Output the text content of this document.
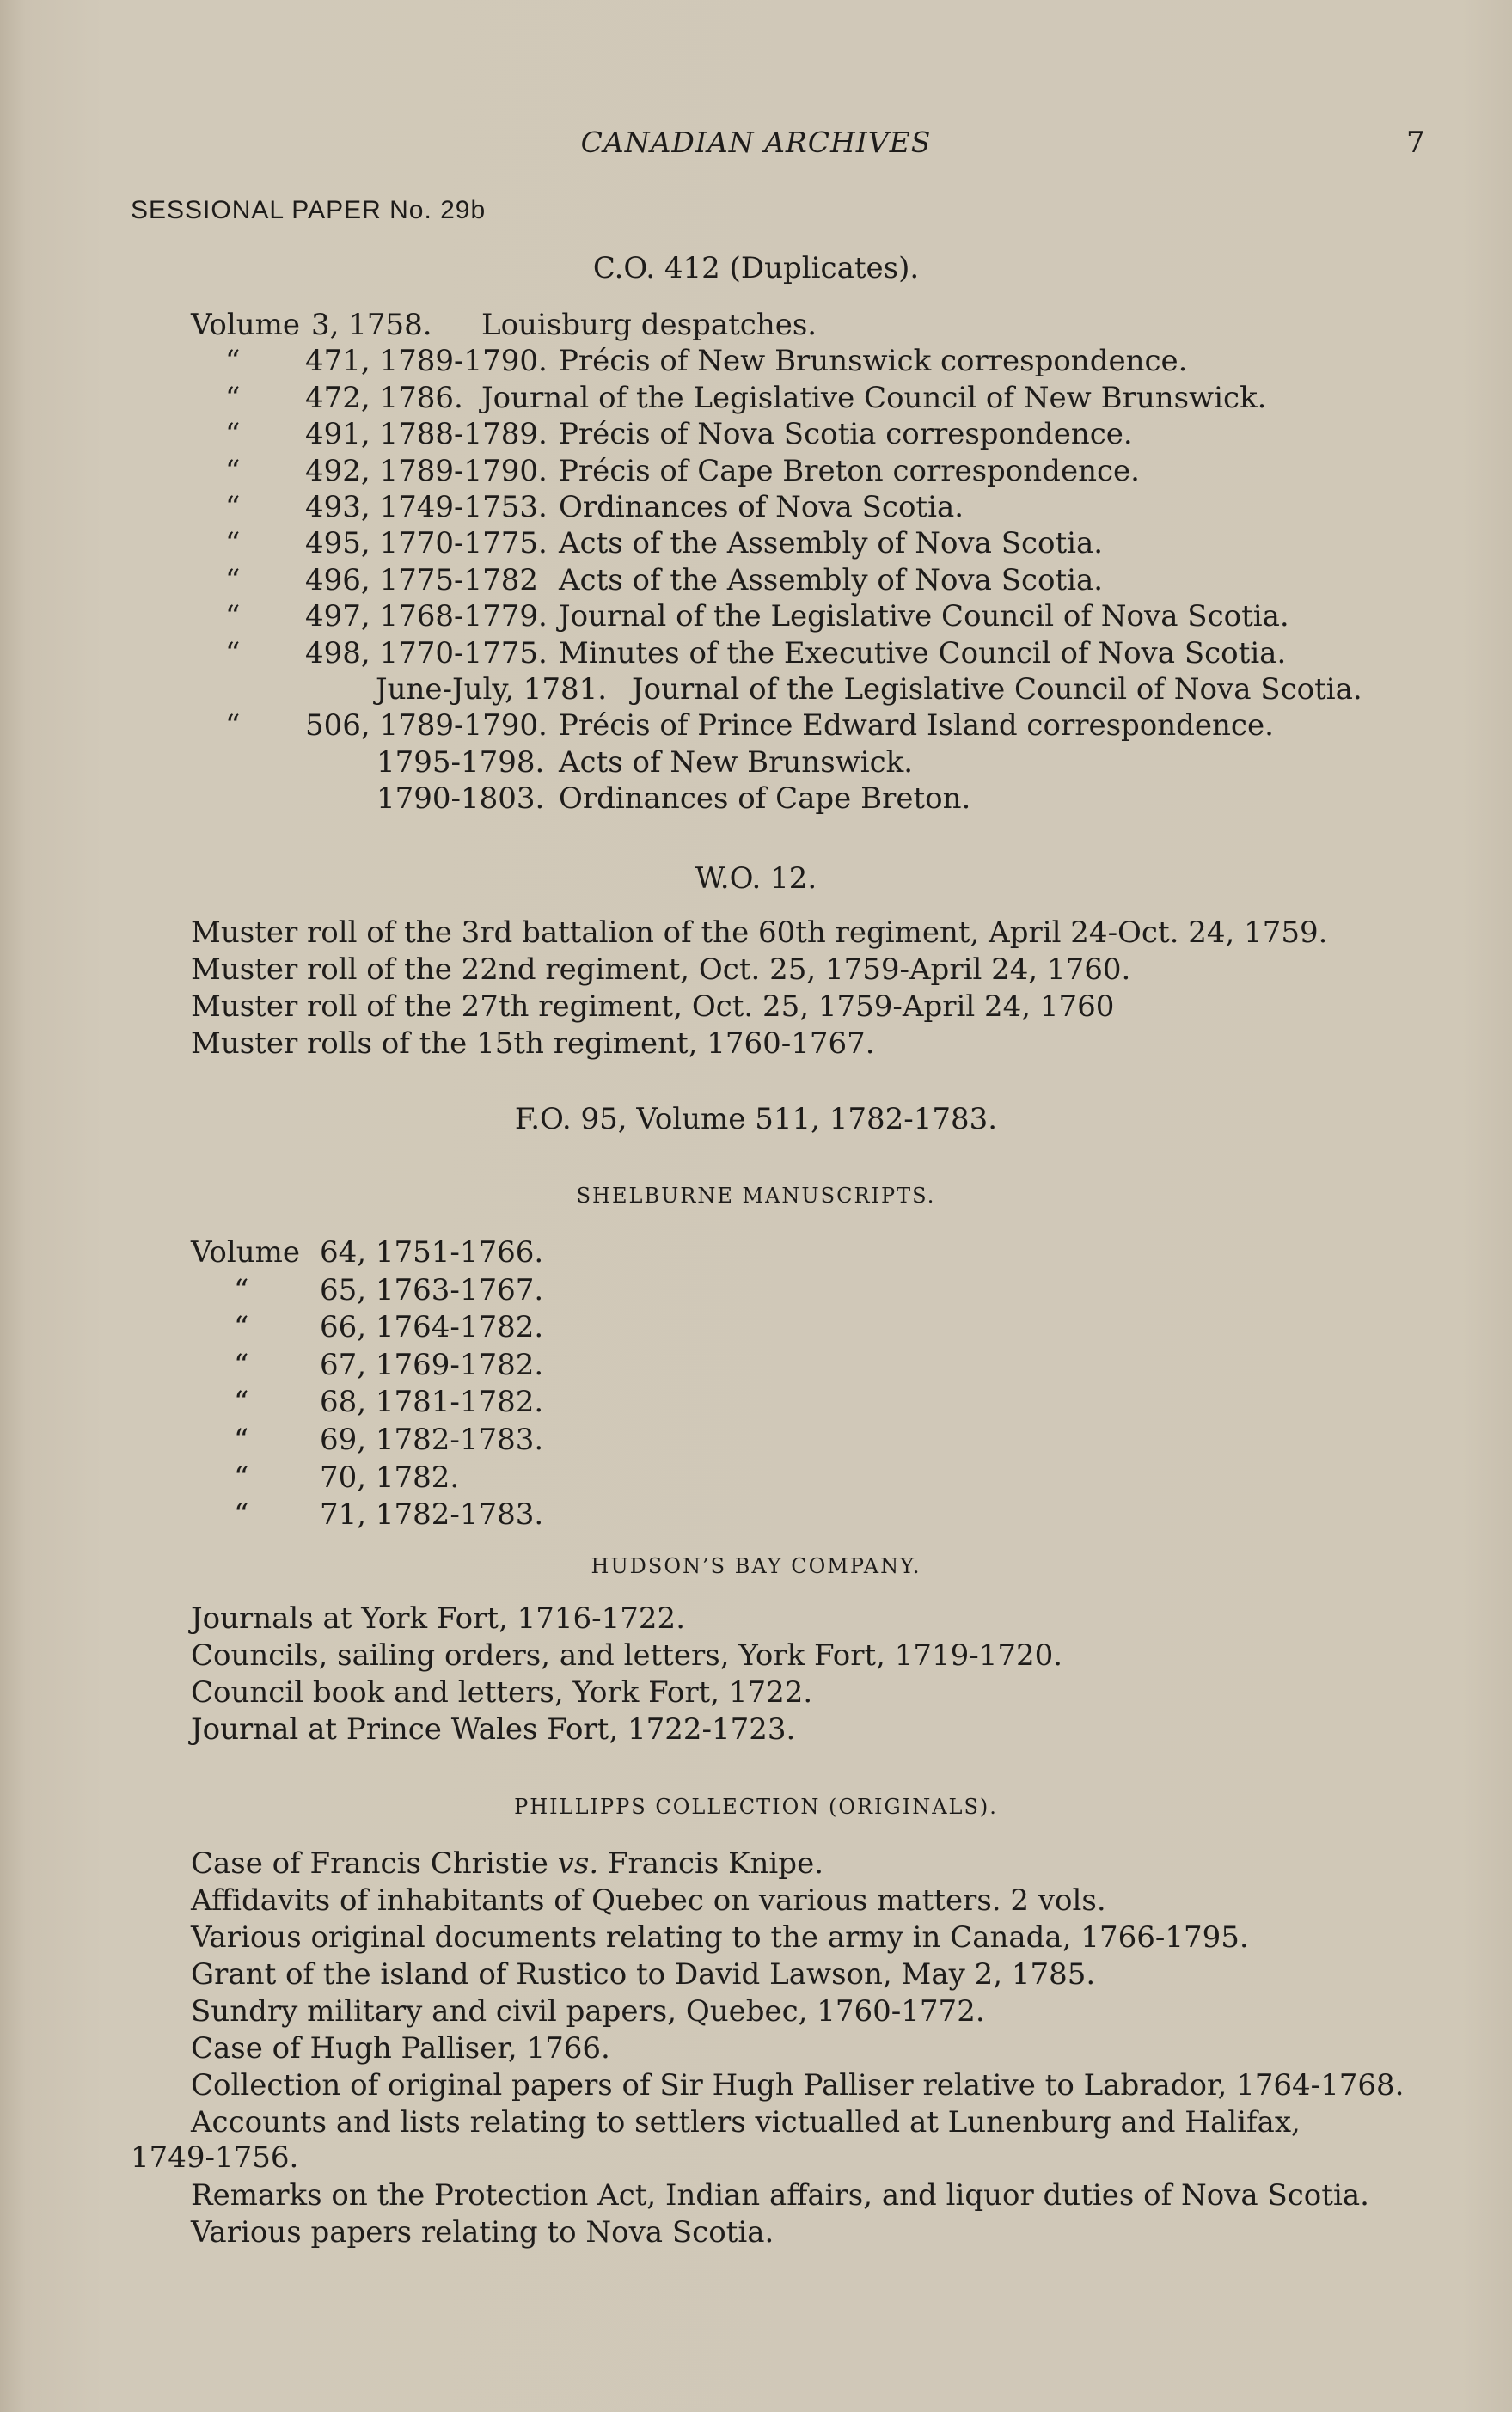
CANADIAN ARCHIVES	7
SESSIONAL PAPER No. 29b
C.O. 412 (Duplicates).
Volume 3, 1758. Louisburg despatches.
“ 471, 1789-1790. Précis of New Brunswick correspondence.
“ 472, 1786. Journal of the Legislative Council of New Brunswick.
“ 491, 1788-1789. Précis of Nova Scotia correspondence.
“ 492, 1789-1790. Précis of Cape Breton correspondence.
“ 493, 1749-1753. Ordinances of Nova Scotia.
“ 495, 1770-1775. Acts of the Assembly of Nova Scotia.
“ 496, 1775-1782 Acts of the Assembly of Nova Scotia.
“ 497, 1768-1779. Journal of the Legislative Council of Nova Scotia.
“ 498, 1770-1775. Minutes of the Executive Council of Nova Scotia.
June-July, 1781. Journal of the Legislative Council of Nova Scotia.
“ 506, 1789-1790. Précis of Prince Edward Island correspondence.
1795-1798. Acts of New Brunswick.
1790-1803. Ordinances of Cape Breton.
W.O. 12.
Muster roll of the 3rd battalion of the 60th regiment, April 24-Oct. 24, 1759.
Muster roll of the 22nd regiment, Oct. 25, 1759-April 24, 1760.
Muster roll of the 27th regiment, Oct. 25, 1759-April 24, 1760
Muster rolls of the 15th regiment, 1760-1767.
F.O. 95, Volume 511, 1782-1783.
SHELBURNE MANUSCRIPTS.
Volume 64, 1751-1766.
“ 65, 1763-1767.
“ 66, 1764-1782.
“ 67, 1769-1782.
“ 68, 1781-1782.
“ 69, 1782-1783.
“ 70, 1782.
“ 71, 1782-1783.
HUDSON’S BAY COMPANY.
Journals at York Fort, 1716-1722.
Councils, sailing orders, and letters, York Fort, 1719-1720.
Council book and letters, York Fort, 1722.
Journal at Prince Wales Fort, 1722-1723.
PHILLIPPS COLLECTION (ORIGINALS).
Case of Francis Christie vs. Francis Knipe.
Affidavits of inhabitants of Quebec on various matters. 2 vols.
Various original documents relating to the army in Canada, 1766-1795.
Grant of the island of Rustico to David Lawson, May 2, 1785.
Sundry military and civil papers, Quebec, 1760-1772.
Case of Hugh Palliser, 1766.
Collection of original papers of Sir Hugh Palliser relative to Labrador, 1764-1768.
Accounts and lists relating to settlers victualled at Lunenburg and Halifax,
1749-1756.
Remarks on the Protection Act, Indian affairs, and liquor duties of Nova Scotia.
Various papers relating to Nova Scotia.
